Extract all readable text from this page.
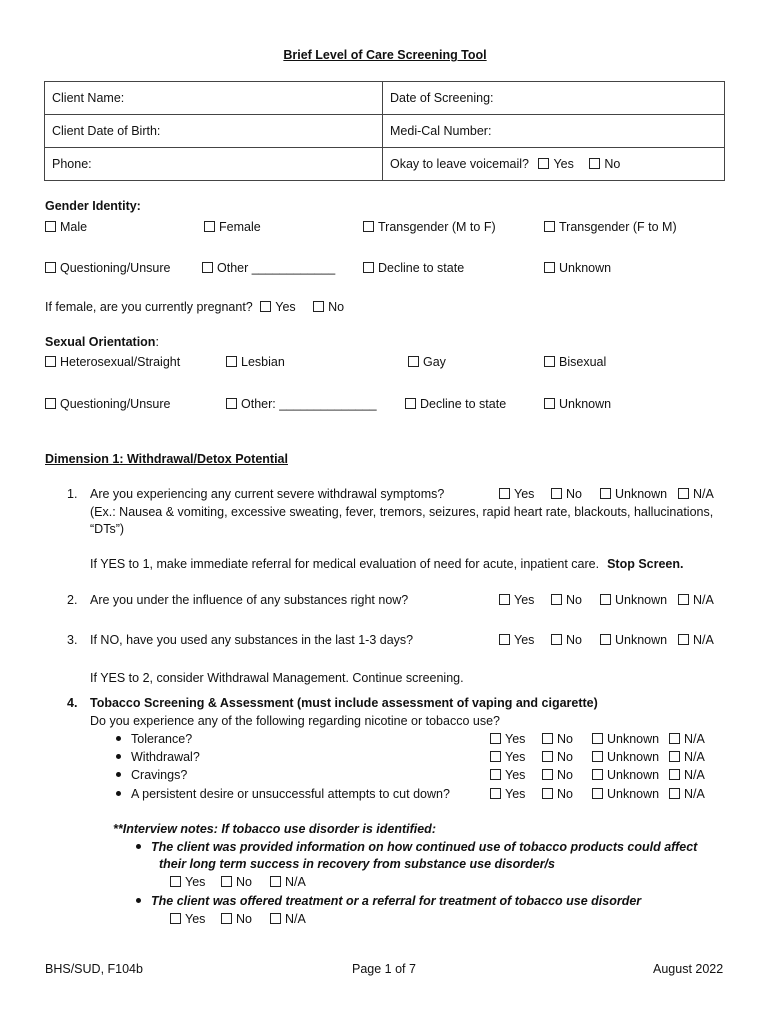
Brief Level of Care Screening Tool
Client Name:	Date of Screening:
Client Date of Birth:	Medi-Cal Number:
Phone:	Okay to leave voicemail? Yes No
Gender Identity:
Male	Female	Transgender (M to F)	Transgender (F to M)
Questioning/Unsure	Other ____________	Decline to state	Unknown
If female, are you currently pregnant? Yes	No
Sexual Orientation:
Heterosexual/Straight	Lesbian	Gay	Bisexual
Questioning/Unsure	Other: ______________	Decline to state	Unknown
Dimension 1: Withdrawal/Detox Potential
1. Are you experiencing any current severe withdrawal symptoms?	Yes	No	Unknown	N/A
(Ex.: Nausea & vomiting, excessive sweating, fever, tremors, seizures, rapid heart rate, blackouts, hallucinations,
“DTs”)
If YES to 1, make immediate referral for medical evaluation of need for acute, inpatient care. Stop Screen.
2. Are you under the influence of any substances right now?	Yes	No	Unknown	N/A
3. If NO, have you used any substances in the last 1-3 days?	Yes	No	Unknown	N/A
If YES to 2, consider Withdrawal Management. Continue screening.
4. Tobacco Screening & Assessment (must include assessment of vaping and cigarette)
Do you experience any of the following regarding nicotine or tobacco use?
Tolerance?	Yes	No	Unknown	N/A
Withdrawal?	Yes	No	Unknown	N/A
Cravings?	Yes	No	Unknown	N/A
A persistent desire or unsuccessful attempts to cut down?	Yes	No	Unknown	N/A
**Interview notes: If tobacco use disorder is identified:
The client was provided information on how continued use of tobacco products could affect
their long term success in recovery from substance use disorder/s
Yes	No	N/A
The client was offered treatment or a referral for treatment of tobacco use disorder
Yes	No	N/A
BHS/SUD, F104b	Page 1 of 7	August 2022
